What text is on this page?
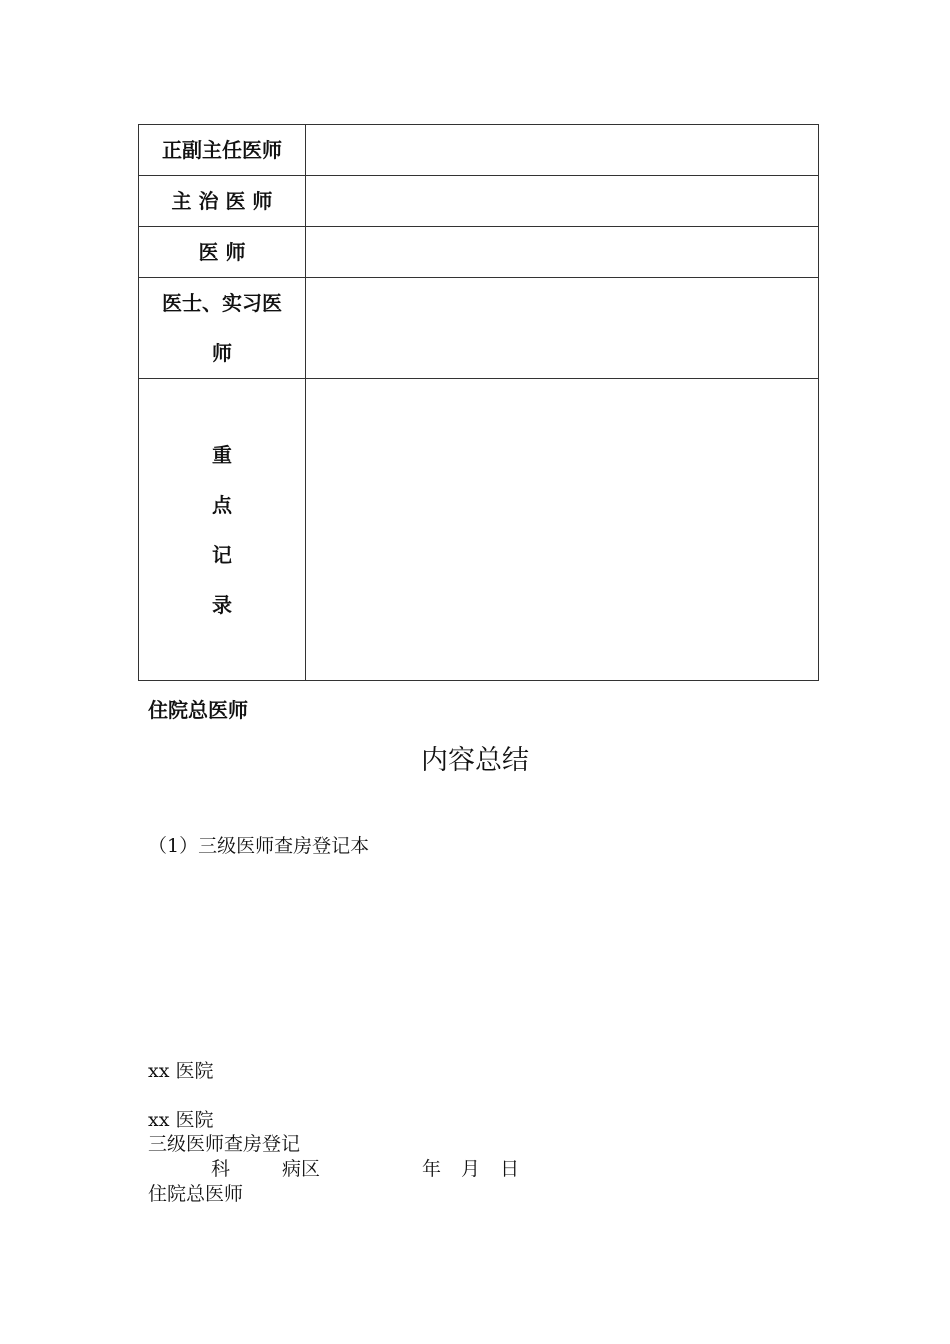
正副主任医师	
主 治 医 师	
医 师	

医士、实习医
师	

重
点
记
录	

住院总医师
内容总结
（1）三级医师查房登记本
xx 医院
xx 医院
三级医师查房登记
科	病区	年 月 日
住院总医师
